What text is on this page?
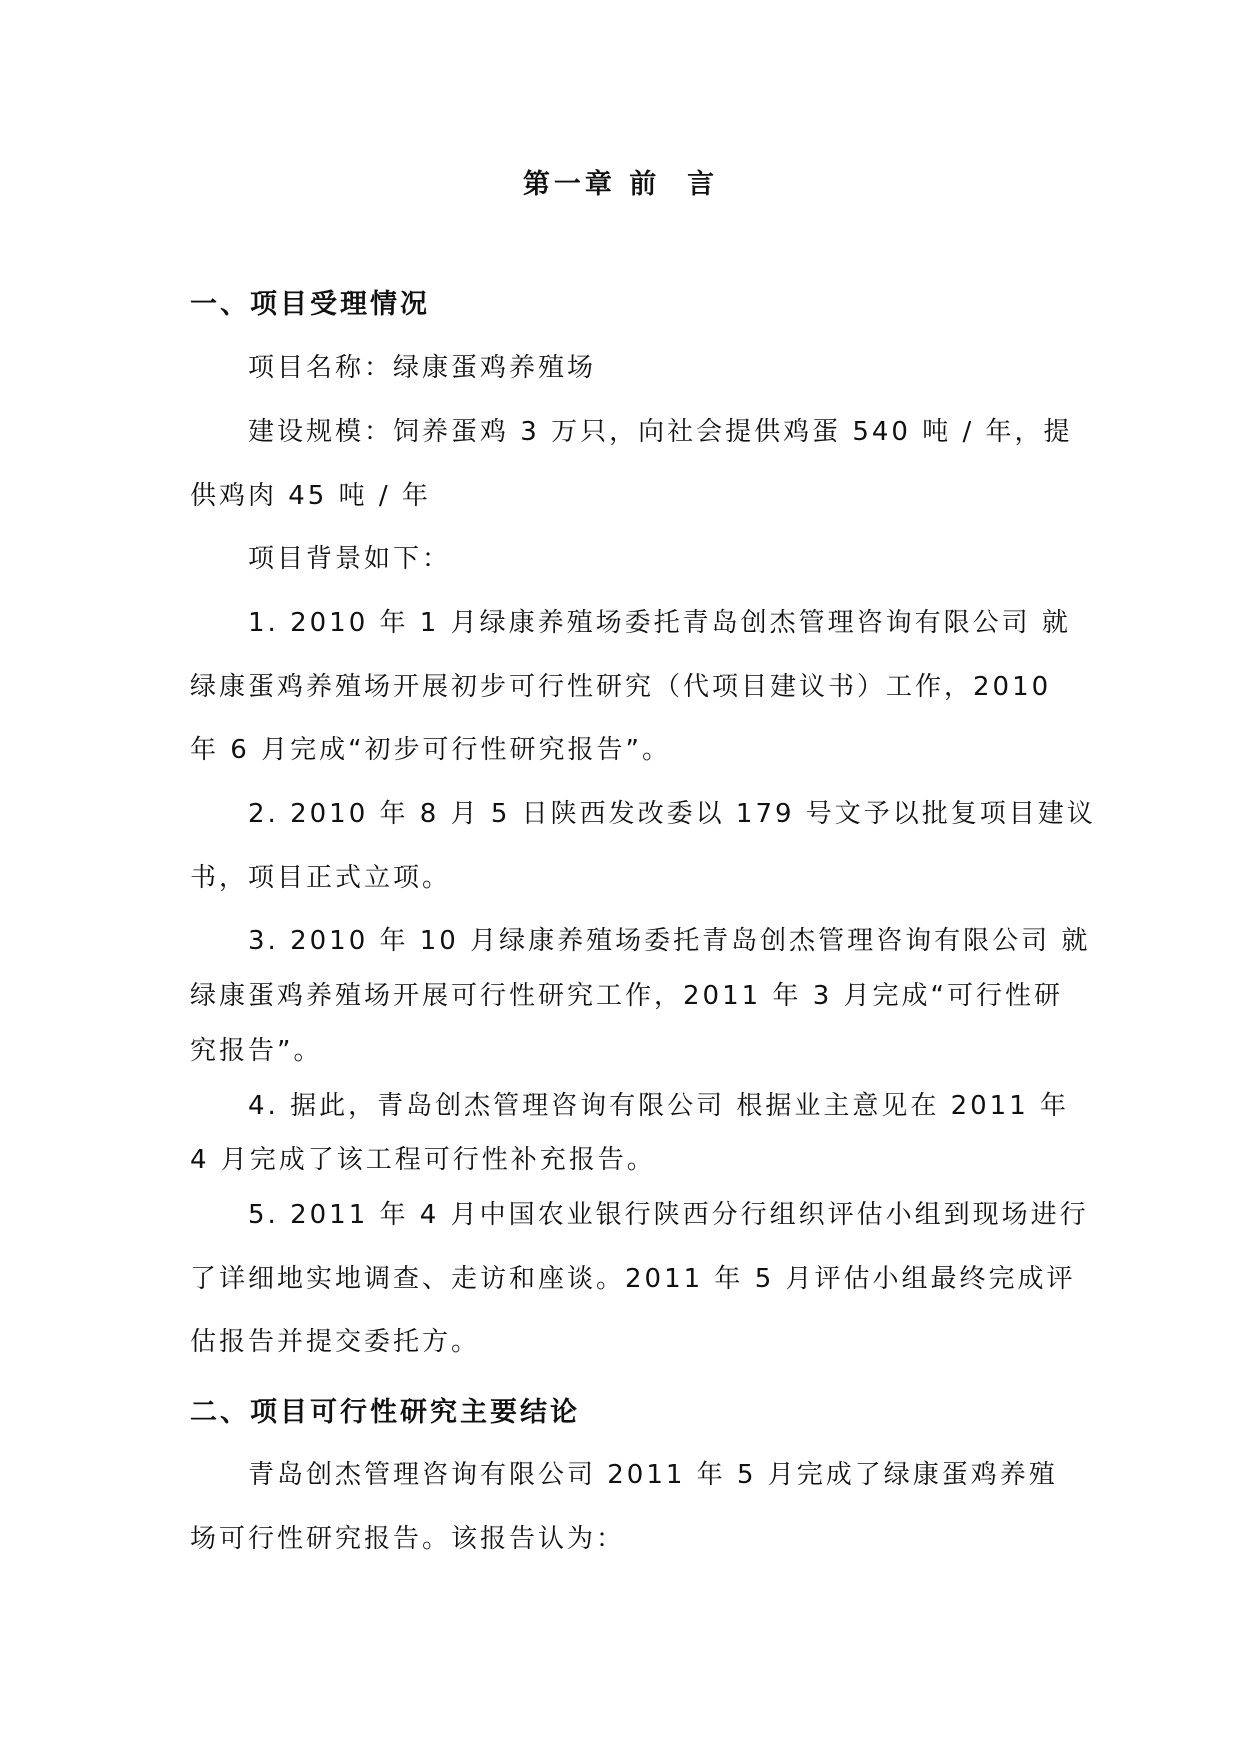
第一章 前  言
一、项目受理情况
项目名称：绿康蛋鸡养殖场
建设规模：饲养蛋鸡 3 万只，向社会提供鸡蛋 540 吨 / 年，提
供鸡肉 45 吨 / 年
项目背景如下：
1. 2010 年 1 月绿康养殖场委托青岛创杰管理咨询有限公司 就
绿康蛋鸡养殖场开展初步可行性研究（代项目建议书）工作，2010
年 6 月完成“初步可行性研究报告”。
2. 2010 年 8 月 5 日陕西发改委以 179 号文予以批复项目建议
书，项目正式立项。
3. 2010 年 10 月绿康养殖场委托青岛创杰管理咨询有限公司 就
绿康蛋鸡养殖场开展可行性研究工作，2011 年 3 月完成“可行性研
究报告”。
4. 据此，青岛创杰管理咨询有限公司 根据业主意见在 2011 年
4 月完成了该工程可行性补充报告。
5. 2011 年 4 月中国农业银行陕西分行组织评估小组到现场进行
了详细地实地调查、走访和座谈。2011 年 5 月评估小组最终完成评
估报告并提交委托方。
二、项目可行性研究主要结论
青岛创杰管理咨询有限公司 2011 年 5 月完成了绿康蛋鸡养殖
场可行性研究报告。该报告认为：
